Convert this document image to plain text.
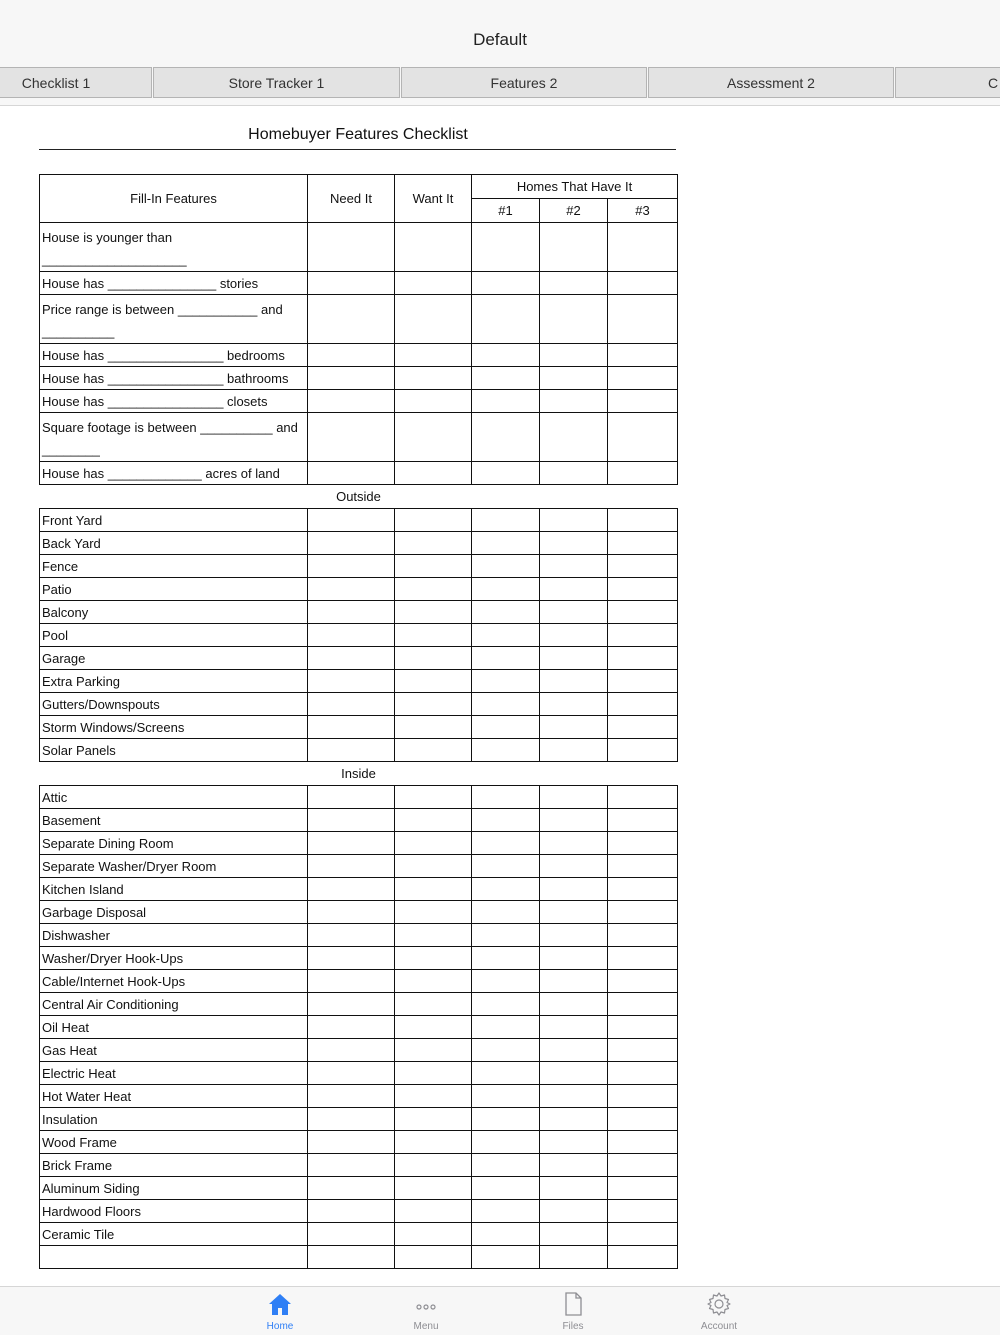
Default
Checklist 1	Store Tracker 1	Features 2	Assessment 2	C
Homebuyer Features Checklist
Fill-In Features	Need It	Want It	Homes That Have It		
			#1	#2	#3
House is younger than ____________________					
House has _______________ stories					
Price range is between ___________ and __________					
House has ________________ bedrooms					
House has ________________ bathrooms					
House has ________________ closets					
Square footage is between __________ and ________					
House has _____________ acres of land					
Outside					
Front Yard					
Back Yard					
Fence					
Patio					
Balcony					
Pool					
Garage					
Extra Parking					
Gutters/Downspouts					
Storm Windows/Screens					
Solar Panels					
Inside					
Attic					
Basement					
Separate Dining Room					
Separate Washer/Dryer Room					
Kitchen Island					
Garbage Disposal					
Dishwasher					
Washer/Dryer Hook-Ups					
Cable/Internet Hook-Ups					
Central Air Conditioning					
Oil Heat					
Gas Heat					
Electric Heat					
Hot Water Heat					
Insulation					
Wood Frame					
Brick Frame					
Aluminum Siding					
Hardwood Floors					
Ceramic Tile					

Home	Menu	Files	Account
